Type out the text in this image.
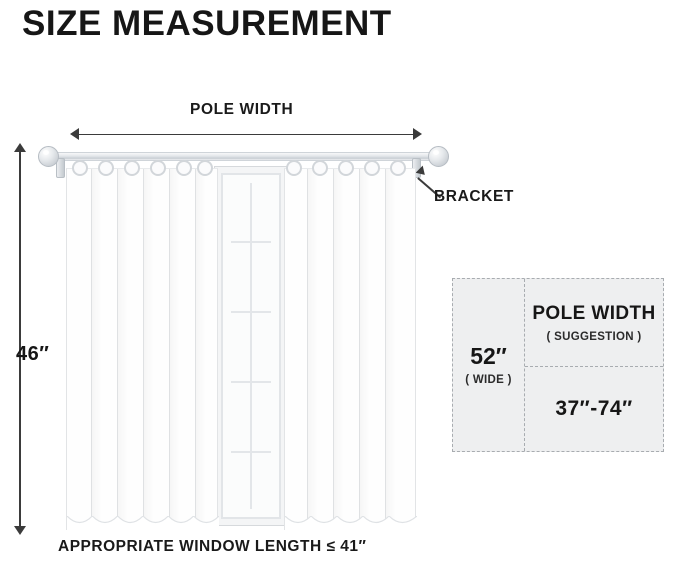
SIZE MEASUREMENT
POLE WIDTH
46″
BRACKET
APPROPRIATE WINDOW LENGTH ≤ 41″
52″
( WIDE )
POLE WIDTH
( SUGGESTION )
37″-74″
